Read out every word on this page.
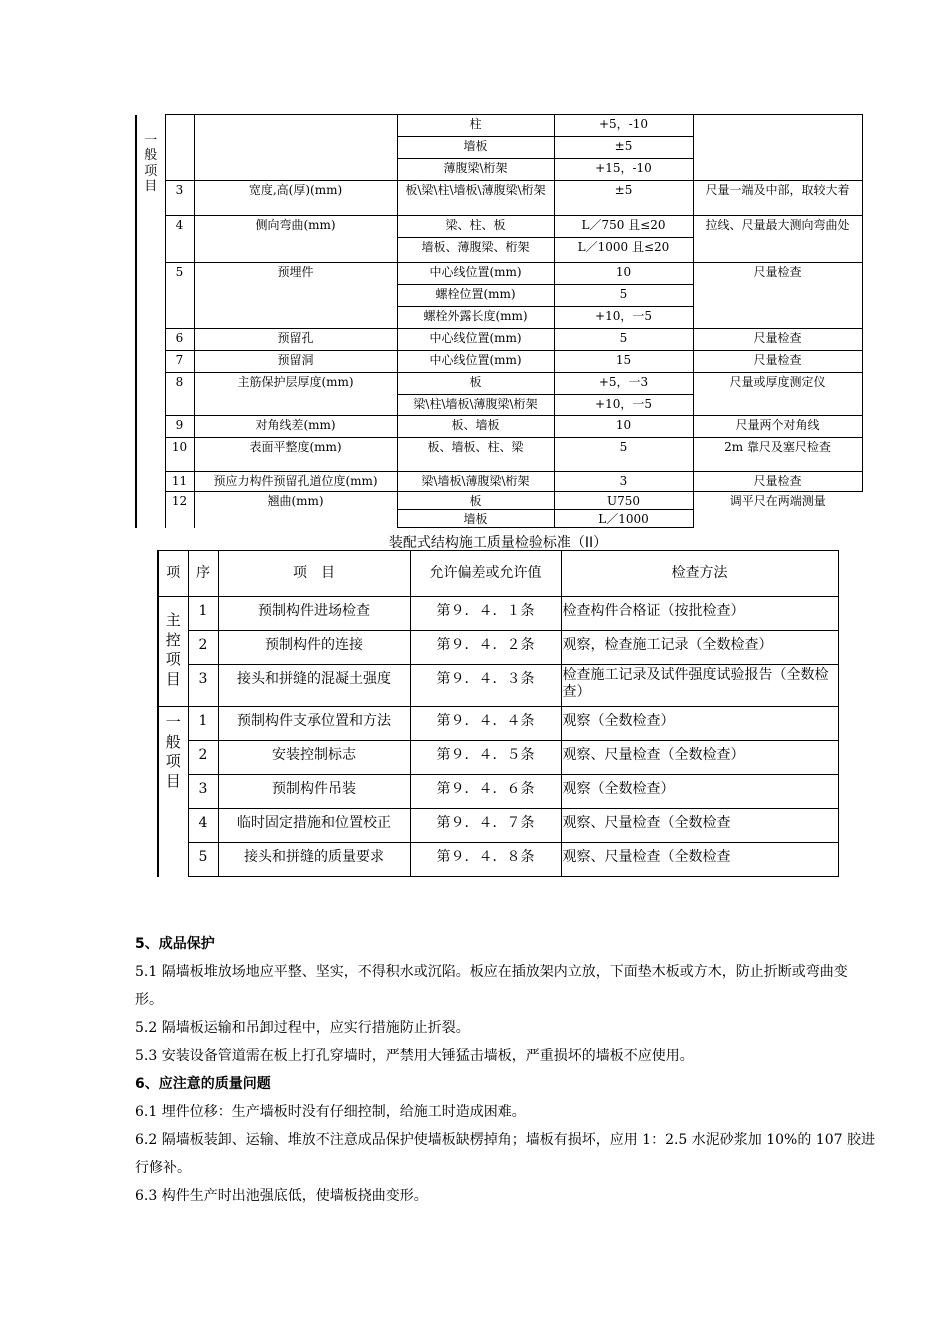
一般项目			柱	+5，-10	
			墙板	±5	
			薄腹梁\桁架	+15，-10	
	3	宽度,高(厚)(mm)	板\梁\柱\墙板\薄腹梁\桁架	±5	尺量一端及中部，取较大着
	4	侧向弯曲(mm)	梁、柱、板	L／750 且≤20	拉线、尺量最大测向弯曲处
			墙板、薄腹梁、桁架	L／1000 且≤20	
	5	预埋件	中心线位置(mm)	10	尺量检查
			螺栓位置(mm)	5	
			螺栓外露长度(mm)	+10，一5	
	6	预留孔	中心线位置(mm)	5	尺量检查
	7	预留洞	中心线位置(mm)	15	尺量检查
	8	主筋保护层厚度(mm)	板	+5，一3	尺量或厚度测定仪
			梁\柱\墙板\薄腹梁\桁架	+10，一5	
	9	对角线差(mm)	板、墙板	10	尺量两个对角线
	10	表面平整度(mm)	板、墙板、柱、梁	5	2m 靠尺及塞尺检查
	11	预应力构件预留孔道位度(mm)	梁\墙板\薄腹梁\桁架	3	尺量检查
	12	翘曲(mm)	板	U750	调平尺在两端测量
			墙板	L／1000	
装配式结构施工质量检验标准（II）
项	序	项　目	允许偏差或允许值	检查方法

主控项目	1	预制构件进场检查	第９．４．１条	检查构件合格证（按批检查）
	2	预制构件的连接	第９．４．２条	观察，检查施工记录（全数检查）
	3	接头和拼缝的混凝土强度	第９．４．３条	检查施工记录及试件强度试验报告（全数检查）

一般项目	1	预制构件支承位置和方法	第９．４．４条	观察（全数检查）
	2	安装控制标志	第９．４．５条	观察、尺量检查（全数检查）
	3	预制构件吊装	第９．４．６条	观察（全数检查）
	4	临时固定措施和位置校正	第９．４．７条	观察、尺量检查（全数检查
	5	接头和拼缝的质量要求	第９．４．８条	观察、尺量检查（全数检查
5、成品保护

5.1 隔墙板堆放场地应平整、坚实，不得积水或沉陷。板应在插放架内立放，下面垫木板或方木，防止折断或弯曲变形。

5.2 隔墙板运输和吊卸过程中，应实行措施防止折裂。

5.3 安装设备管道需在板上打孔穿墙时，严禁用大锤猛击墙板，严重损坏的墙板不应使用。

6、应注意的质量问题

6.1 埋件位移：生产墙板时没有仔细控制，给施工时造成困难。

6.2 隔墙板装卸、运输、堆放不注意成品保护使墙板缺楞掉角；墙板有损坏，应用 1：2.5 水泥砂浆加 10%的 107 胶进行修补。

6.3 构件生产时出池强底低，使墙板挠曲变形。
